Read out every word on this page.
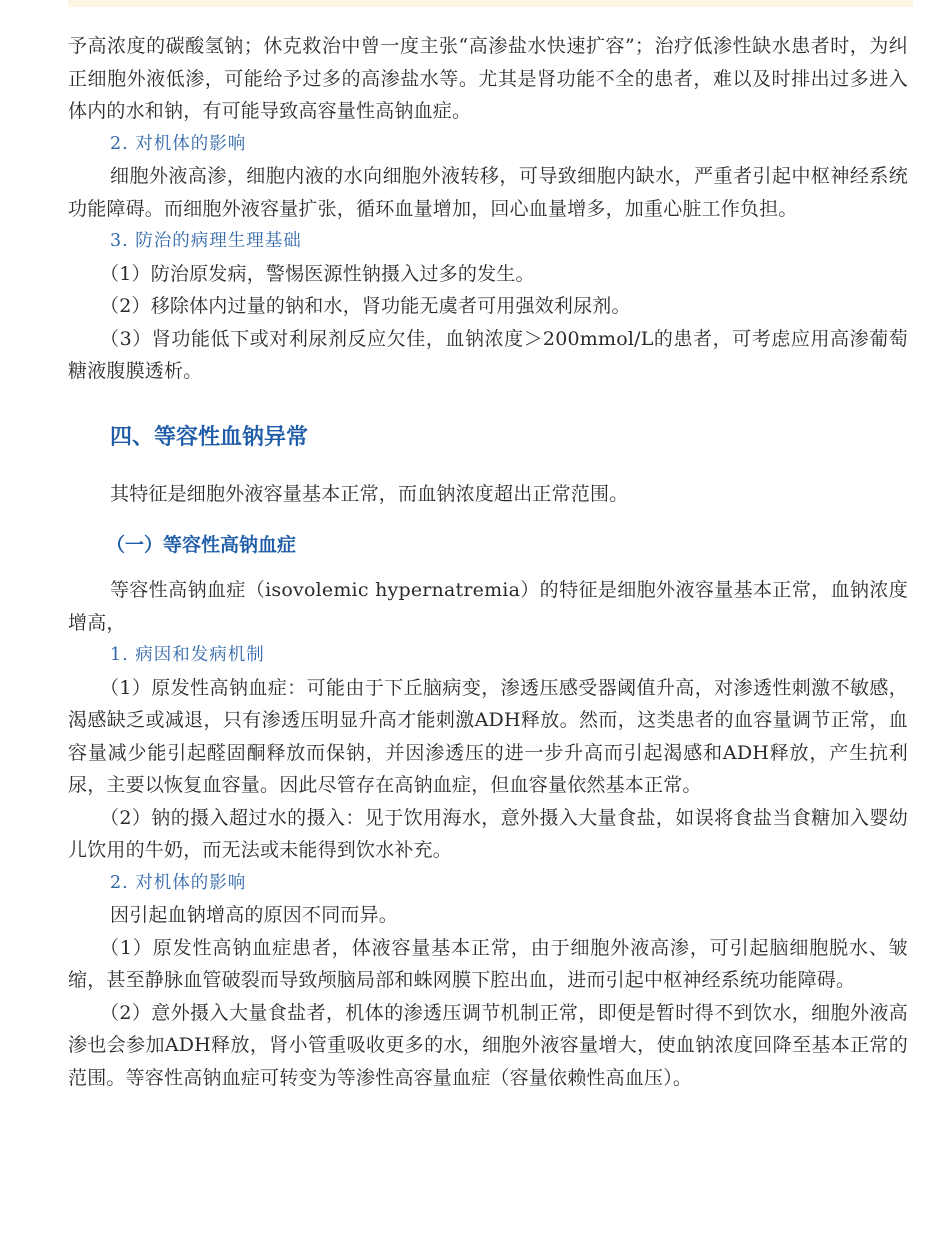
予高浓度的碳酸氢钠；休克救治中曾一度主张“高渗盐水快速扩容”；治疗低渗性缺水患者时，为纠正细胞外液低渗，可能给予过多的高渗盐水等。尤其是肾功能不全的患者，难以及时排出过多进入体内的水和钠，有可能导致高容量性高钠血症。

2. 对机体的影响

细胞外液高渗，细胞内液的水向细胞外液转移，可导致细胞内缺水，严重者引起中枢神经系统功能障碍。而细胞外液容量扩张，循环血量增加，回心血量增多，加重心脏工作负担。

3. 防治的病理生理基础

（1）防治原发病，警惕医源性钠摄入过多的发生。

（2）移除体内过量的钠和水，肾功能无虞者可用强效利尿剂。

（3）肾功能低下或对利尿剂反应欠佳，血钠浓度＞200mmol/L的患者，可考虑应用高渗葡萄糖液腹膜透析。

四、等容性血钠异常

其特征是细胞外液容量基本正常，而血钠浓度超出正常范围。

（一）等容性高钠血症

等容性高钠血症（isovolemic hypernatremia）的特征是细胞外液容量基本正常，血钠浓度增高，

1. 病因和发病机制

（1）原发性高钠血症：可能由于下丘脑病变，渗透压感受器阈值升高，对渗透性刺激不敏感，渴感缺乏或减退，只有渗透压明显升高才能刺激ADH释放。然而，这类患者的血容量调节正常，血容量减少能引起醛固酮释放而保钠，并因渗透压的进一步升高而引起渴感和ADH释放，产生抗利尿，主要以恢复血容量。因此尽管存在高钠血症，但血容量依然基本正常。

（2）钠的摄入超过水的摄入：见于饮用海水，意外摄入大量食盐，如误将食盐当食糖加入婴幼儿饮用的牛奶，而无法或未能得到饮水补充。

2. 对机体的影响

因引起血钠增高的原因不同而异。

（1）原发性高钠血症患者，体液容量基本正常，由于细胞外液高渗，可引起脑细胞脱水、皱缩，甚至静脉血管破裂而导致颅脑局部和蛛网膜下腔出血，进而引起中枢神经系统功能障碍。

（2）意外摄入大量食盐者，机体的渗透压调节机制正常，即便是暂时得不到饮水，细胞外液高渗也会参加ADH释放，肾小管重吸收更多的水，细胞外液容量增大，使血钠浓度回降至基本正常的范围。等容性高钠血症可转变为等渗性高容量血症（容量依赖性高血压）。
